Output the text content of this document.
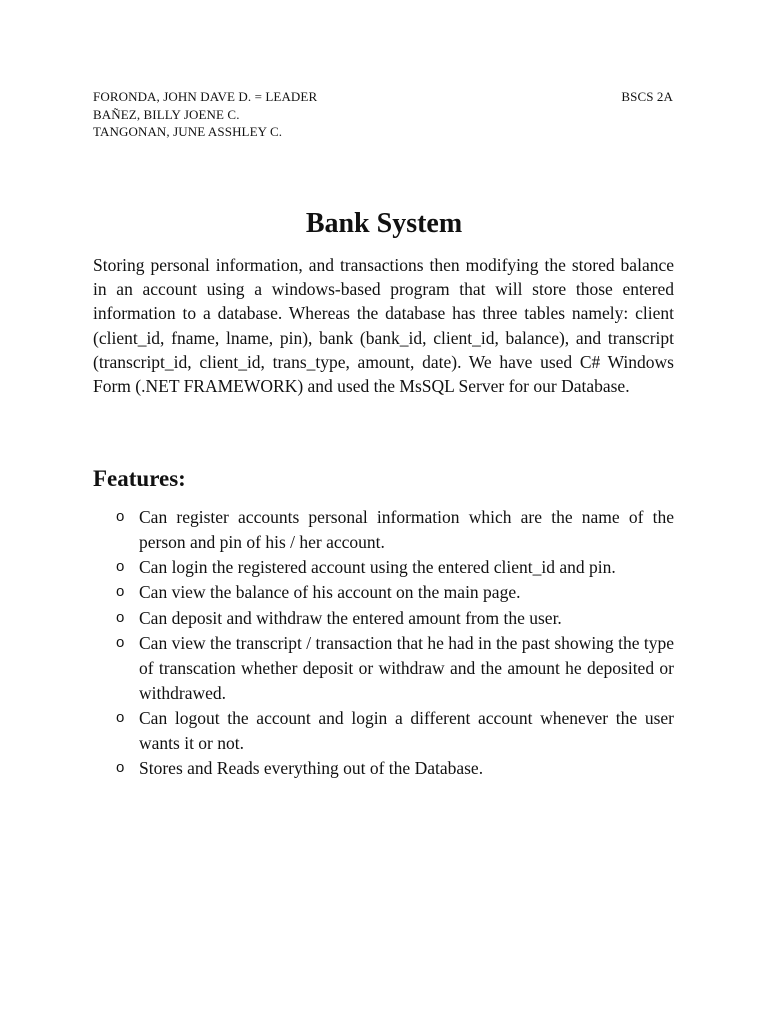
FORONDA, JOHN DAVE D. = LEADER
BAÑEZ, BILLY JOENE C.
TANGONAN, JUNE ASSHLEY C.
BSCS 2A
Bank System

Storing personal information, and transactions then modifying the stored balance in an account using a windows-based program that will store those entered information to a database. Whereas the database has three tables namely: client (client_id, fname, lname, pin), bank (bank_id, client_id, balance), and transcript (transcript_id, client_id, trans_type, amount, date). We have used C# Windows Form (.NET FRAMEWORK) and used the MsSQL Server for our Database.

Features:
o Can register accounts personal information which are the name of the person and pin of his / her account.
o Can login the registered account using the entered client_id and pin.
o Can view the balance of his account on the main page.
o Can deposit and withdraw the entered amount from the user.
o Can view the transcript / transaction that he had in the past showing the type of transcation whether deposit or withdraw and the amount he deposited or withdrawed.
o Can logout the account and login a different account whenever the user wants it or not.
o Stores and Reads everything out of the Database.
